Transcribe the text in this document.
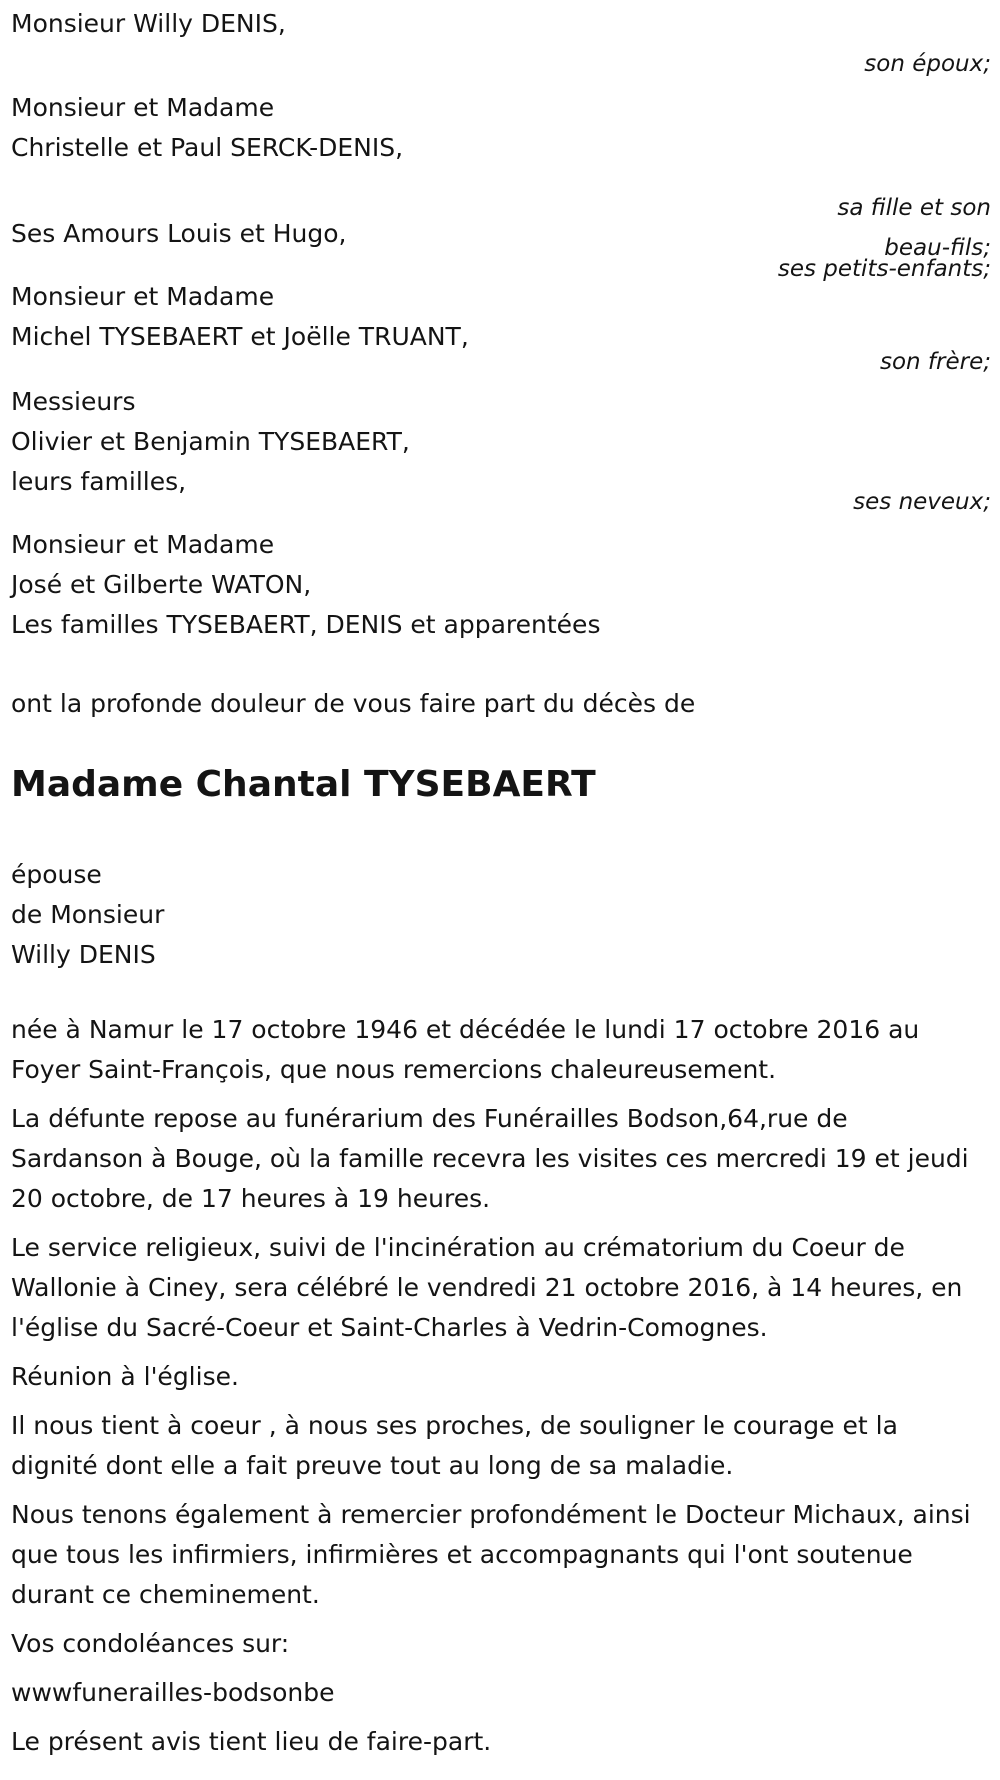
Monsieur Willy DENIS,
son époux;
Monsieur et Madame
Christelle et Paul SERCK-DENIS,
sa fille et son
beau-fils;
Ses Amours Louis et Hugo,
ses petits-enfants;
Monsieur et Madame
Michel TYSEBAERT et Joëlle TRUANT,
son frère;
Messieurs
Olivier et Benjamin TYSEBAERT,
leurs familles,
ses neveux;
Monsieur et Madame
José et Gilberte WATON,
Les familles TYSEBAERT, DENIS et apparentées
ont la profonde douleur de vous faire part du décès de
Madame Chantal TYSEBAERT
épouse
de Monsieur
Willy DENIS

née à Namur le 17 octobre 1946 et décédée le lundi 17 octobre 2016 au Foyer Saint-François, que nous remercions chaleureusement.

La défunte repose au funérarium des Funérailles Bodson,64,rue de Sardanson à Bouge, où la famille recevra les visites ces mercredi 19 et jeudi 20 octobre, de 17 heures à 19 heures.

Le service religieux, suivi de l'incinération au crématorium du Coeur de Wallonie à Ciney, sera célébré le vendredi 21 octobre 2016, à 14 heures, en l'église du Sacré-Coeur et Saint-Charles à Vedrin-Comognes.

Réunion à l'église.

Il nous tient à coeur , à nous ses proches, de souligner le courage et la dignité dont elle a fait preuve tout au long de sa maladie.

Nous tenons également à remercier profondément le Docteur Michaux, ainsi que tous les infirmiers, infirmières et accompagnants qui l'ont soutenue durant ce cheminement.

Vos condoléances sur:

wwwfunerailles-bodsonbe

Le présent avis tient lieu de faire-part.
